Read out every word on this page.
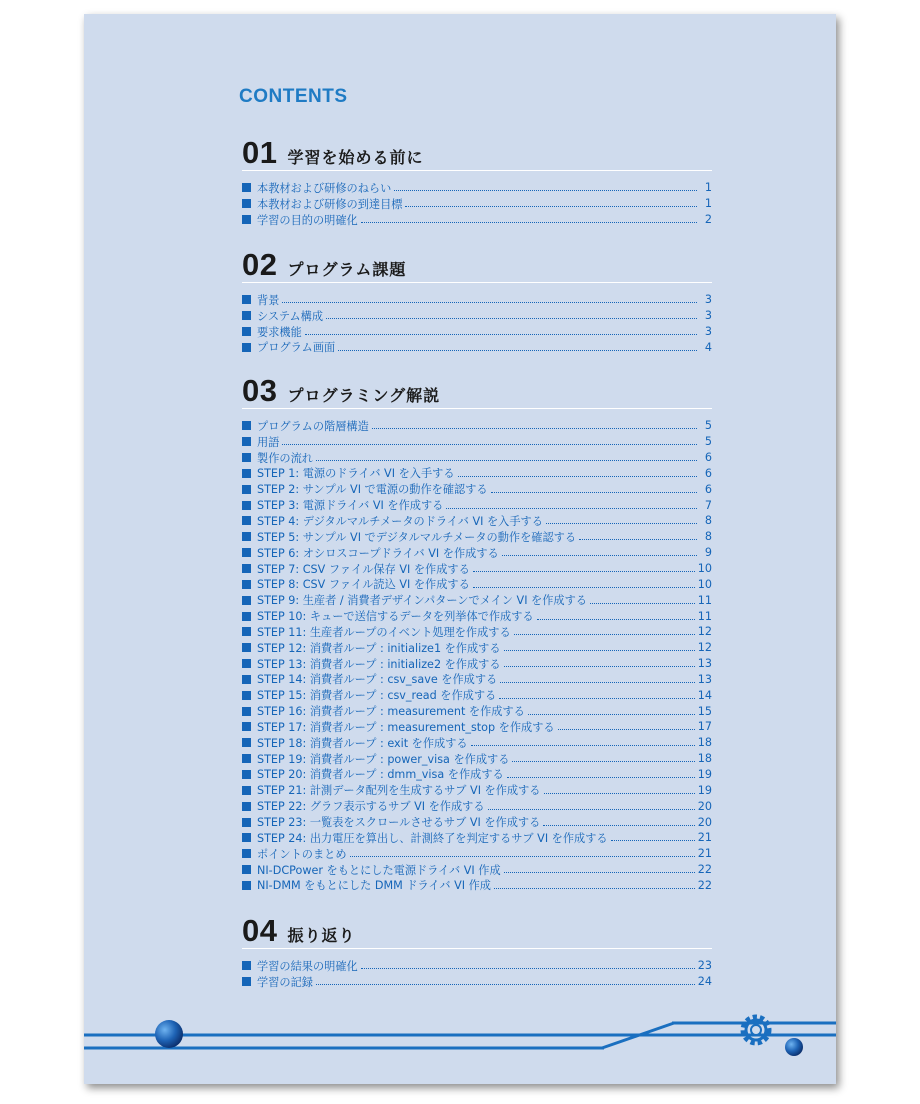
CONTENTS
01 学習を始める前に
本教材および研修のねらい	1
本教材および研修の到達目標	1
学習の目的の明確化	2
02 プログラム課題
背景	3
システム構成	3
要求機能	3
プログラム画面	4
03 プログラミング解説
プログラムの階層構造	5
用語	5
製作の流れ	6
STEP 1: 電源のドライバ VI を入手する	6
STEP 2: サンプル VI で電源の動作を確認する	6
STEP 3: 電源ドライバ VI を作成する	7
STEP 4: デジタルマルチメータのドライバ VI を入手する	8
STEP 5: サンプル VI でデジタルマルチメータの動作を確認する	8
STEP 6: オシロスコープドライバ VI を作成する	9
STEP 7: CSV ファイル保存 VI を作成する	10
STEP 8: CSV ファイル読込 VI を作成する	10
STEP 9: 生産者 / 消費者デザインパターンでメイン VI を作成する	11
STEP 10: キューで送信するデータを列挙体で作成する	11
STEP 11: 生産者ループのイベント処理を作成する	12
STEP 12: 消費者ループ : initialize1 を作成する	12
STEP 13: 消費者ループ : initialize2 を作成する	13
STEP 14: 消費者ループ : csv_save を作成する	13
STEP 15: 消費者ループ : csv_read を作成する	14
STEP 16: 消費者ループ : measurement を作成する	15
STEP 17: 消費者ループ : measurement_stop を作成する	17
STEP 18: 消費者ループ : exit を作成する	18
STEP 19: 消費者ループ : power_visa を作成する	18
STEP 20: 消費者ループ : dmm_visa を作成する	19
STEP 21: 計測データ配列を生成するサブ VI を作成する	19
STEP 22: グラフ表示するサブ VI を作成する	20
STEP 23: 一覧表をスクロールさせるサブ VI を作成する	20
STEP 24: 出力電圧を算出し、計測終了を判定するサブ VI を作成する	21
ポイントのまとめ	21
NI-DCPower をもとにした電源ドライバ VI 作成	22
NI-DMM をもとにした DMM ドライバ VI 作成	22
04 振り返り
学習の結果の明確化	23
学習の記録	24
